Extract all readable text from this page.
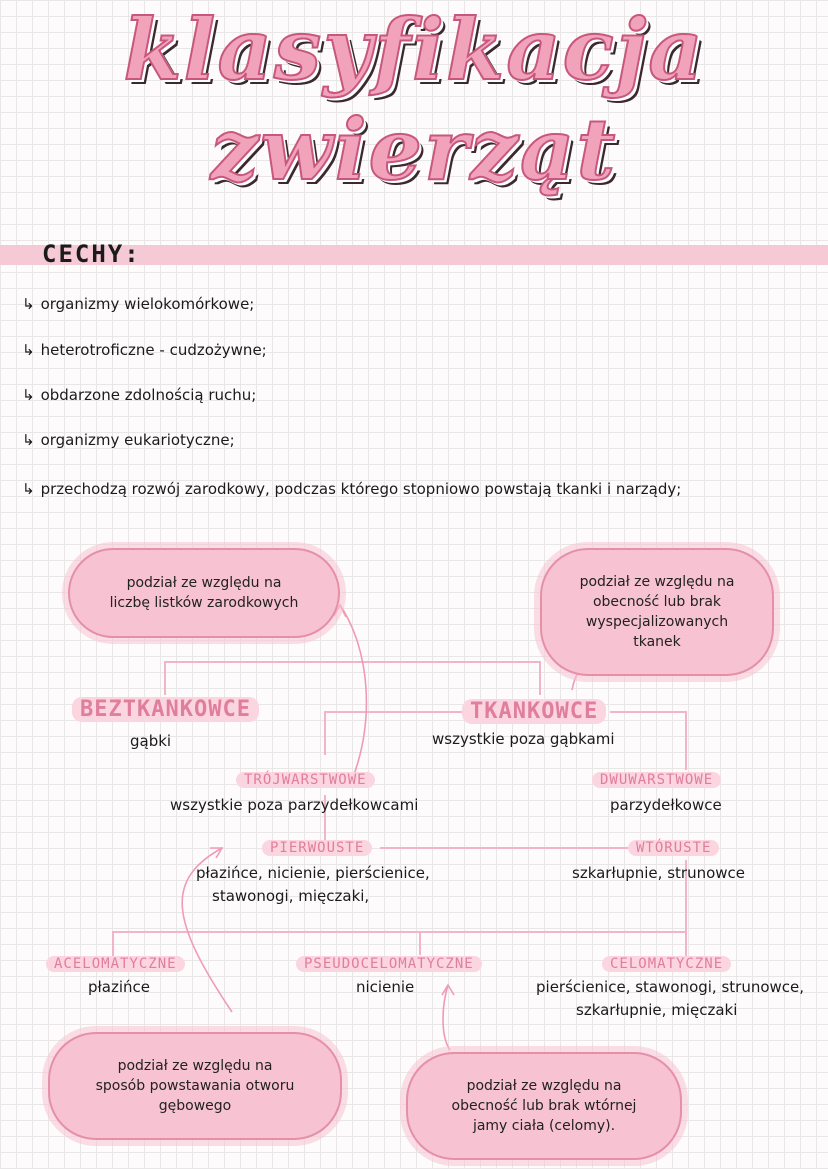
klasyfikacja
zwierząt
CECHY:
↳ organizmy wielokomórkowe;
↳ heterotroficzne - cudzożywne;
↳ obdarzone zdolnością ruchu;
↳ organizmy eukariotyczne;
↳ przechodzą rozwój zarodkowy, podczas którego stopniowo powstają tkanki i narządy;
podział ze względu na
liczbę listków zarodkowych
podział ze względu na
obecność lub brak
wyspecjalizowanych
tkanek
podział ze względu na
sposób powstawania otworu
gębowego
podział ze względu na
obecność lub brak wtórnej
jamy ciała (celomy).
BEZTKANKOWCE
gąbki
TKANKOWCE
wszystkie poza gąbkami
TRÓJWARSTWOWE
wszystkie poza parzydełkowcami
DWUWARSTWOWE
parzydełkowce
PIERWOUSTE
płazińce, nicienie, pierścienice,
stawonogi, mięczaki,
WTÓRUSTE
szkarłupnie, strunowce
ACELOMATYCZNE
płazińce
PSEUDOCELOMATYCZNE
nicienie
CELOMATYCZNE
pierścienice, stawonogi, strunowce,
szkarłupnie, mięczaki
